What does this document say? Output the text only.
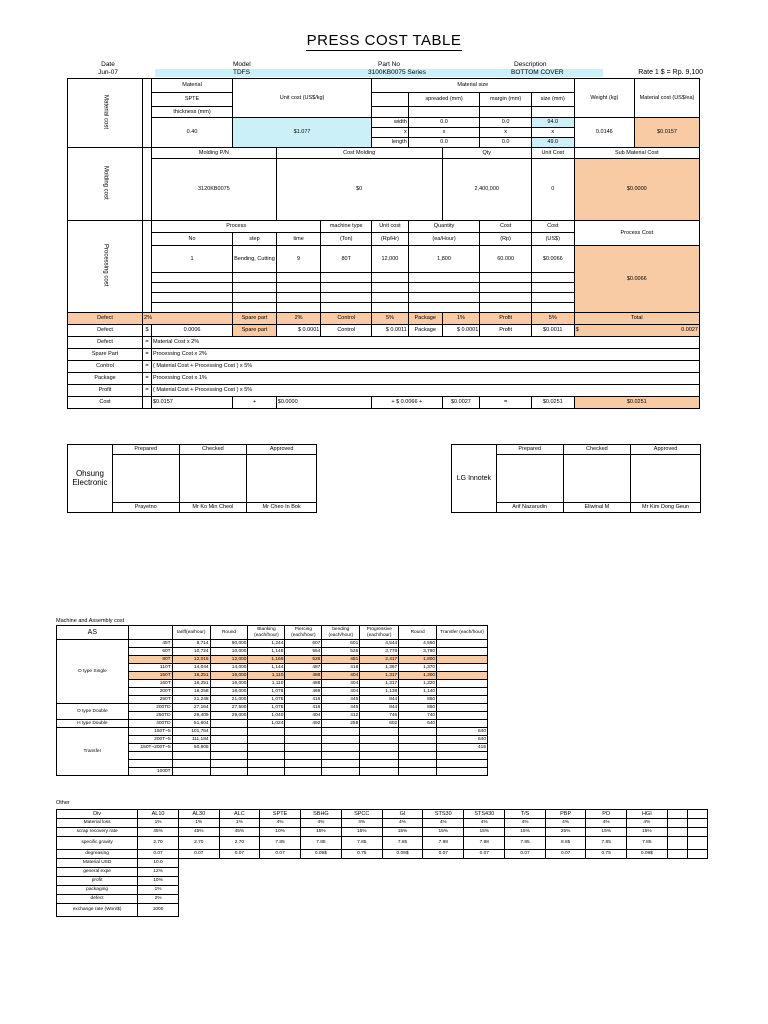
PRESS COST TABLE
Date
Jun-07
Model	Part No	Description
TDFS	3100KB0075 Series	BOTTOM COVER	Rate 1 $ = Rp. 9,100
Material cost		Material	Unit cost (US$/kg)			Material size					Weight (kg)	Material cost (US$/ea)
		SPTE					spreaded (mm)		margin (mm)	size (mm)		
		thickness (mm)										
		0.40	$1.077			width	0.0		0.0	94.0	0.0146	$0.0157
						x	x		x	x		
						length	0.0		0.0	49.0		
Molding cost		Molding P/N		Cost Molding				Qty		Unit Cost	Sub Material Cost	
		3120KB0075		$0				2,400,000		0	$0.0000	
Processing cost		Process			machine type	Unit cost	Quantity		Cost	Cost	Process Cost	
		No	step	time	(Ton)	(Rp/Hr)	(ea/Hour)		(Rp)	(US$)		
		1	Bending, Cutting	9	80T	12,000	1,800		60.000	$0.0066	$0.0066	

Defect	2%		Spare part	2%	Control	5%	Package	1%	Profit	5%	Total	
Defect	$	0.0006	Spare part	$ 0.0001	Control	$ 0.0011	Package	$ 0.0001	Profit	$0.0011	$ 0.0027	

Defect	=	Material Cost x 2%										
Spare Part	=	Processing Cost x 2%										
Control	=	( Material Cost + Processing Cost ) x 5%										
Package	=	Processing Cost x 1%										
Profit	=	( Material Cost + Processing Cost ) x 5%										
Cost		$0.0157	+	$0.0000		+ $ 0.0066 +		$0.0027	=	$0.0251	$0.0251	
Ohsung Electronic	Prepared	Checked	Approved

	Prayetno	Mr Ko Min Cheol	Mr Cheo In Bok
LG Innotek	Prepared	Checked	Approved

	Arif Nazarudin	Eliwinal M	Mr Kim Dong Geun
Machine and Assembly cost
AS		tariff(ea/hour)	Round	Blanking (each/hour)	Piercing (each/hour)	bending (each/hour)	Progressive (each/hour)	Round	Transfer (each/hour)
O type Single	45T	9,714	90,000	1,244	607	601	4,544	4,550	
	60T	10,724	10,000	1,148	554	526	3,778	3,780	
	80T	12,015	12,000	1,166	526	481	2,417	1,800	
	110T	14,044	14,000	1,144	487	418	1,367	1,370	
	150T	16,251	16,000	1,110	488	404	1,317	1,300	
	160T	16,251	16,000	1,110	488	404	1,317	1,320	
	200T	18,258	18,000	1,078	469	404	1,138	1,140	
	250T	21,248	21,000	1,076	416	445	844	850	
O type Double	200TD	27,164	27,500	1,076	416	445	844	850	
	250TD	29,409	29,000	1,040	404	412	746	740	
H type Double	400TD	51,604		1,024	492	259	602	640	
Transfer	150T~5	101,764							640
	200T~5	111,184							640
	150T~200T~5	50,805							415

	1000T								
Other
Div	AL10	AL30	ALC	SPTE	SBHG	SPCC	GI	STS30	STS430	T/S	PBP	PO	HGI		
Material loss	1%	1%	1%	4%	4%	4%	4%	4%	4%	4%	4%	4%	4%		
scrap recovery rate	45%	45%	45%	10%	15%	15%	15%	15%	15%	15%	25%	15%	15%		
specific gravity	2.70	2.70	2.70	7.85	7.85	7.85	7.85	7.98	7.98	7.85	8.85	7.85	7.85		
degreasing	0.07	0.07	0.07	0.07	0.09$	0.75	0.09$	0.07	0.07	0.07	0.07	0.75	0.09$		
Material USD	10.0														
general expe	12%														
profit	10%														
packaging	1%														
defect	2%														
exchange rate (Won/$)	1000														
